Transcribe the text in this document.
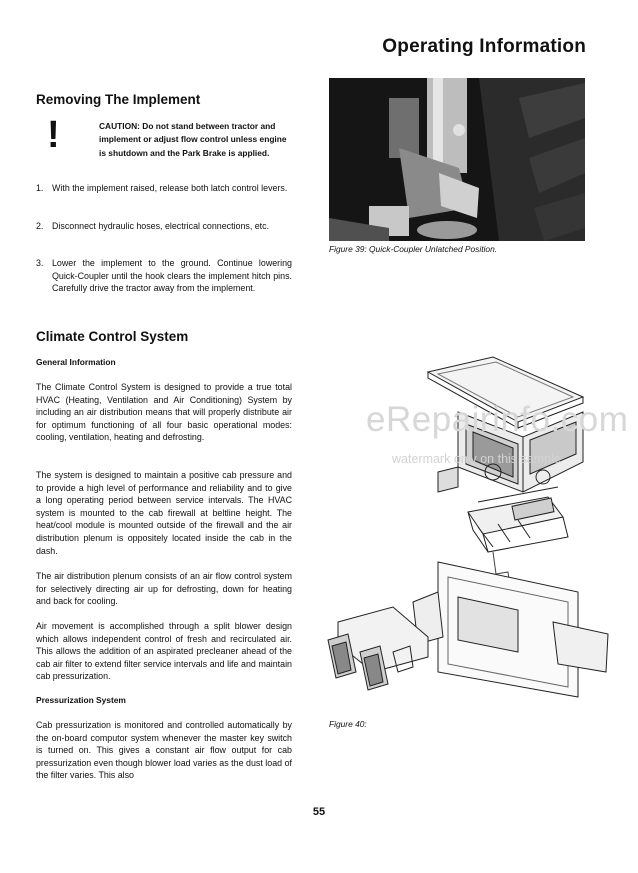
Operating Information
Removing The Implement
!	CAUTION: Do not stand between tractor and implement or adjust flow control unless engine is shutdown and the Park Brake is applied.
1. With the implement raised, release both latch control levers.
2. Disconnect hydraulic hoses, electrical connections, etc.
3. Lower the implement to the ground. Continue lowering Quick-Coupler until the hook clears the implement hitch pins. Carefully drive the tractor away from the implement.
Climate Control System
General Information
The Climate Control System is designed to provide a true total HVAC (Heating, Ventilation and Air Conditioning) System by including an air distribution means that will properly distribute air for optimum functioning of all four basic operational modes: cooling, ventilation, heating and defrosting.
The system is designed to maintain a positive cab pressure and to provide a high level of performance and reliability and to give a long operating period between service intervals. The HVAC system is mounted to the cab firewall at beltline height. The heat/cool module is mounted outside of the firewall and the air distribution plenum is oppositely located inside the cab in the dash.
The air distribution plenum consists of an air flow control system for selectively directing air up for defrosting, down for heating and back for cooling.
Air movement is accomplished through a split blower design which allows independent control of fresh and recirculated air. This allows the addition of an aspirated precleaner ahead of the cab air filter to extend filter service intervals and life and maintain cab pressurization.
Pressurization System
Cab pressurization is monitored and controlled automatically by the on-board computor system whenever the master key switch is turned on. This gives a constant air flow output for cab pressurization even though blower load varies as the dust load of the filter varies. This also
Figure 39: Quick-Coupler Unlatched Position.
Figure 40:
eRepairinfo.com
watermark only on this sample
55
